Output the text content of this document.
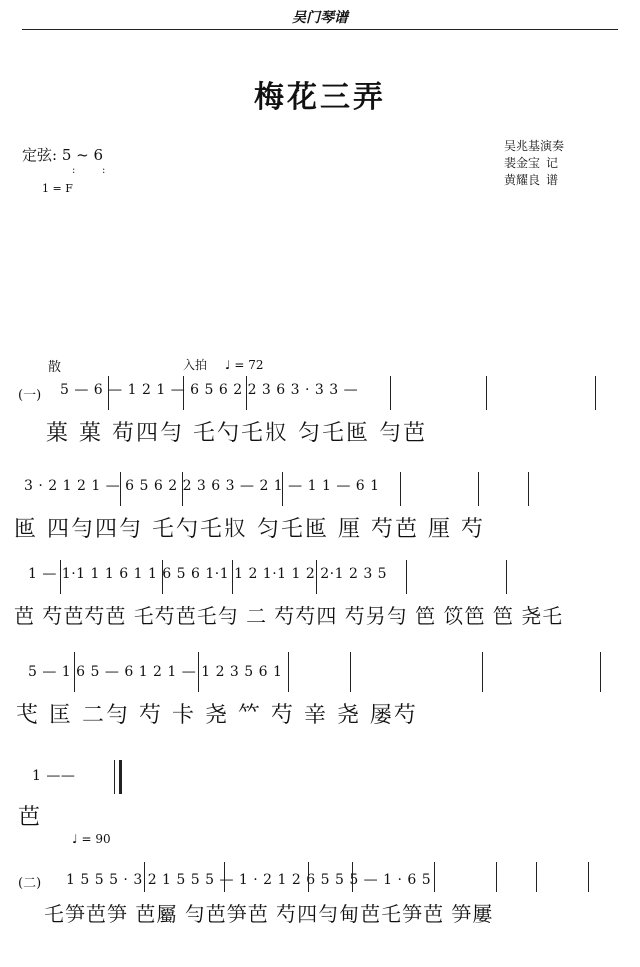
吴门琴谱
梅花三弄
定弦: 5 ~ 6
:	:
1 = F
吴兆基演奏
裴金宝
黄耀良
记谱
散	入拍 ♩ = 72
(一) 5 — 6 — 1 2 1 — 6 5 6 2 2 3 6 3 · 3 3 —
菓 菓 苟四勻 乇勺乇𤕭 匀乇匜 勻芭
3 · 2 1 2 1 — 6 5 6 2 2 3 6 3 — 2 1 — 1 1 — 6 1
匜 四勻四勻 乇勺乇𤕭 匀乇匜 厘 芍芭 厘 芍
1 — 1·1 1 1 6 1 1 6 5 6 1·1 1 2 1·1 1 2 2·1 2 3 5
芭 芍芭芍芭 乇芍芭乇勻 二 芍芍四 芍另勻 笆 笖笆 笆 尧乇
5 — 1 6 5 — 6 1 2 1 — 1 2 3 5 6 1
芅 匡 二勻 芍 卡 尧 𥫗 芍 𨐌 尧 屡芍
1 ——
芭
♩ = 90
(二) 1 5 5 5 · 3 2 1 5 5 5 — 1 · 2 1 2 6 5 5 5 — 1 · 6 5
乇笋芭笋 芭屬 勻芭笋芭 芍四勻甸芭乇笋芭 笋屢
